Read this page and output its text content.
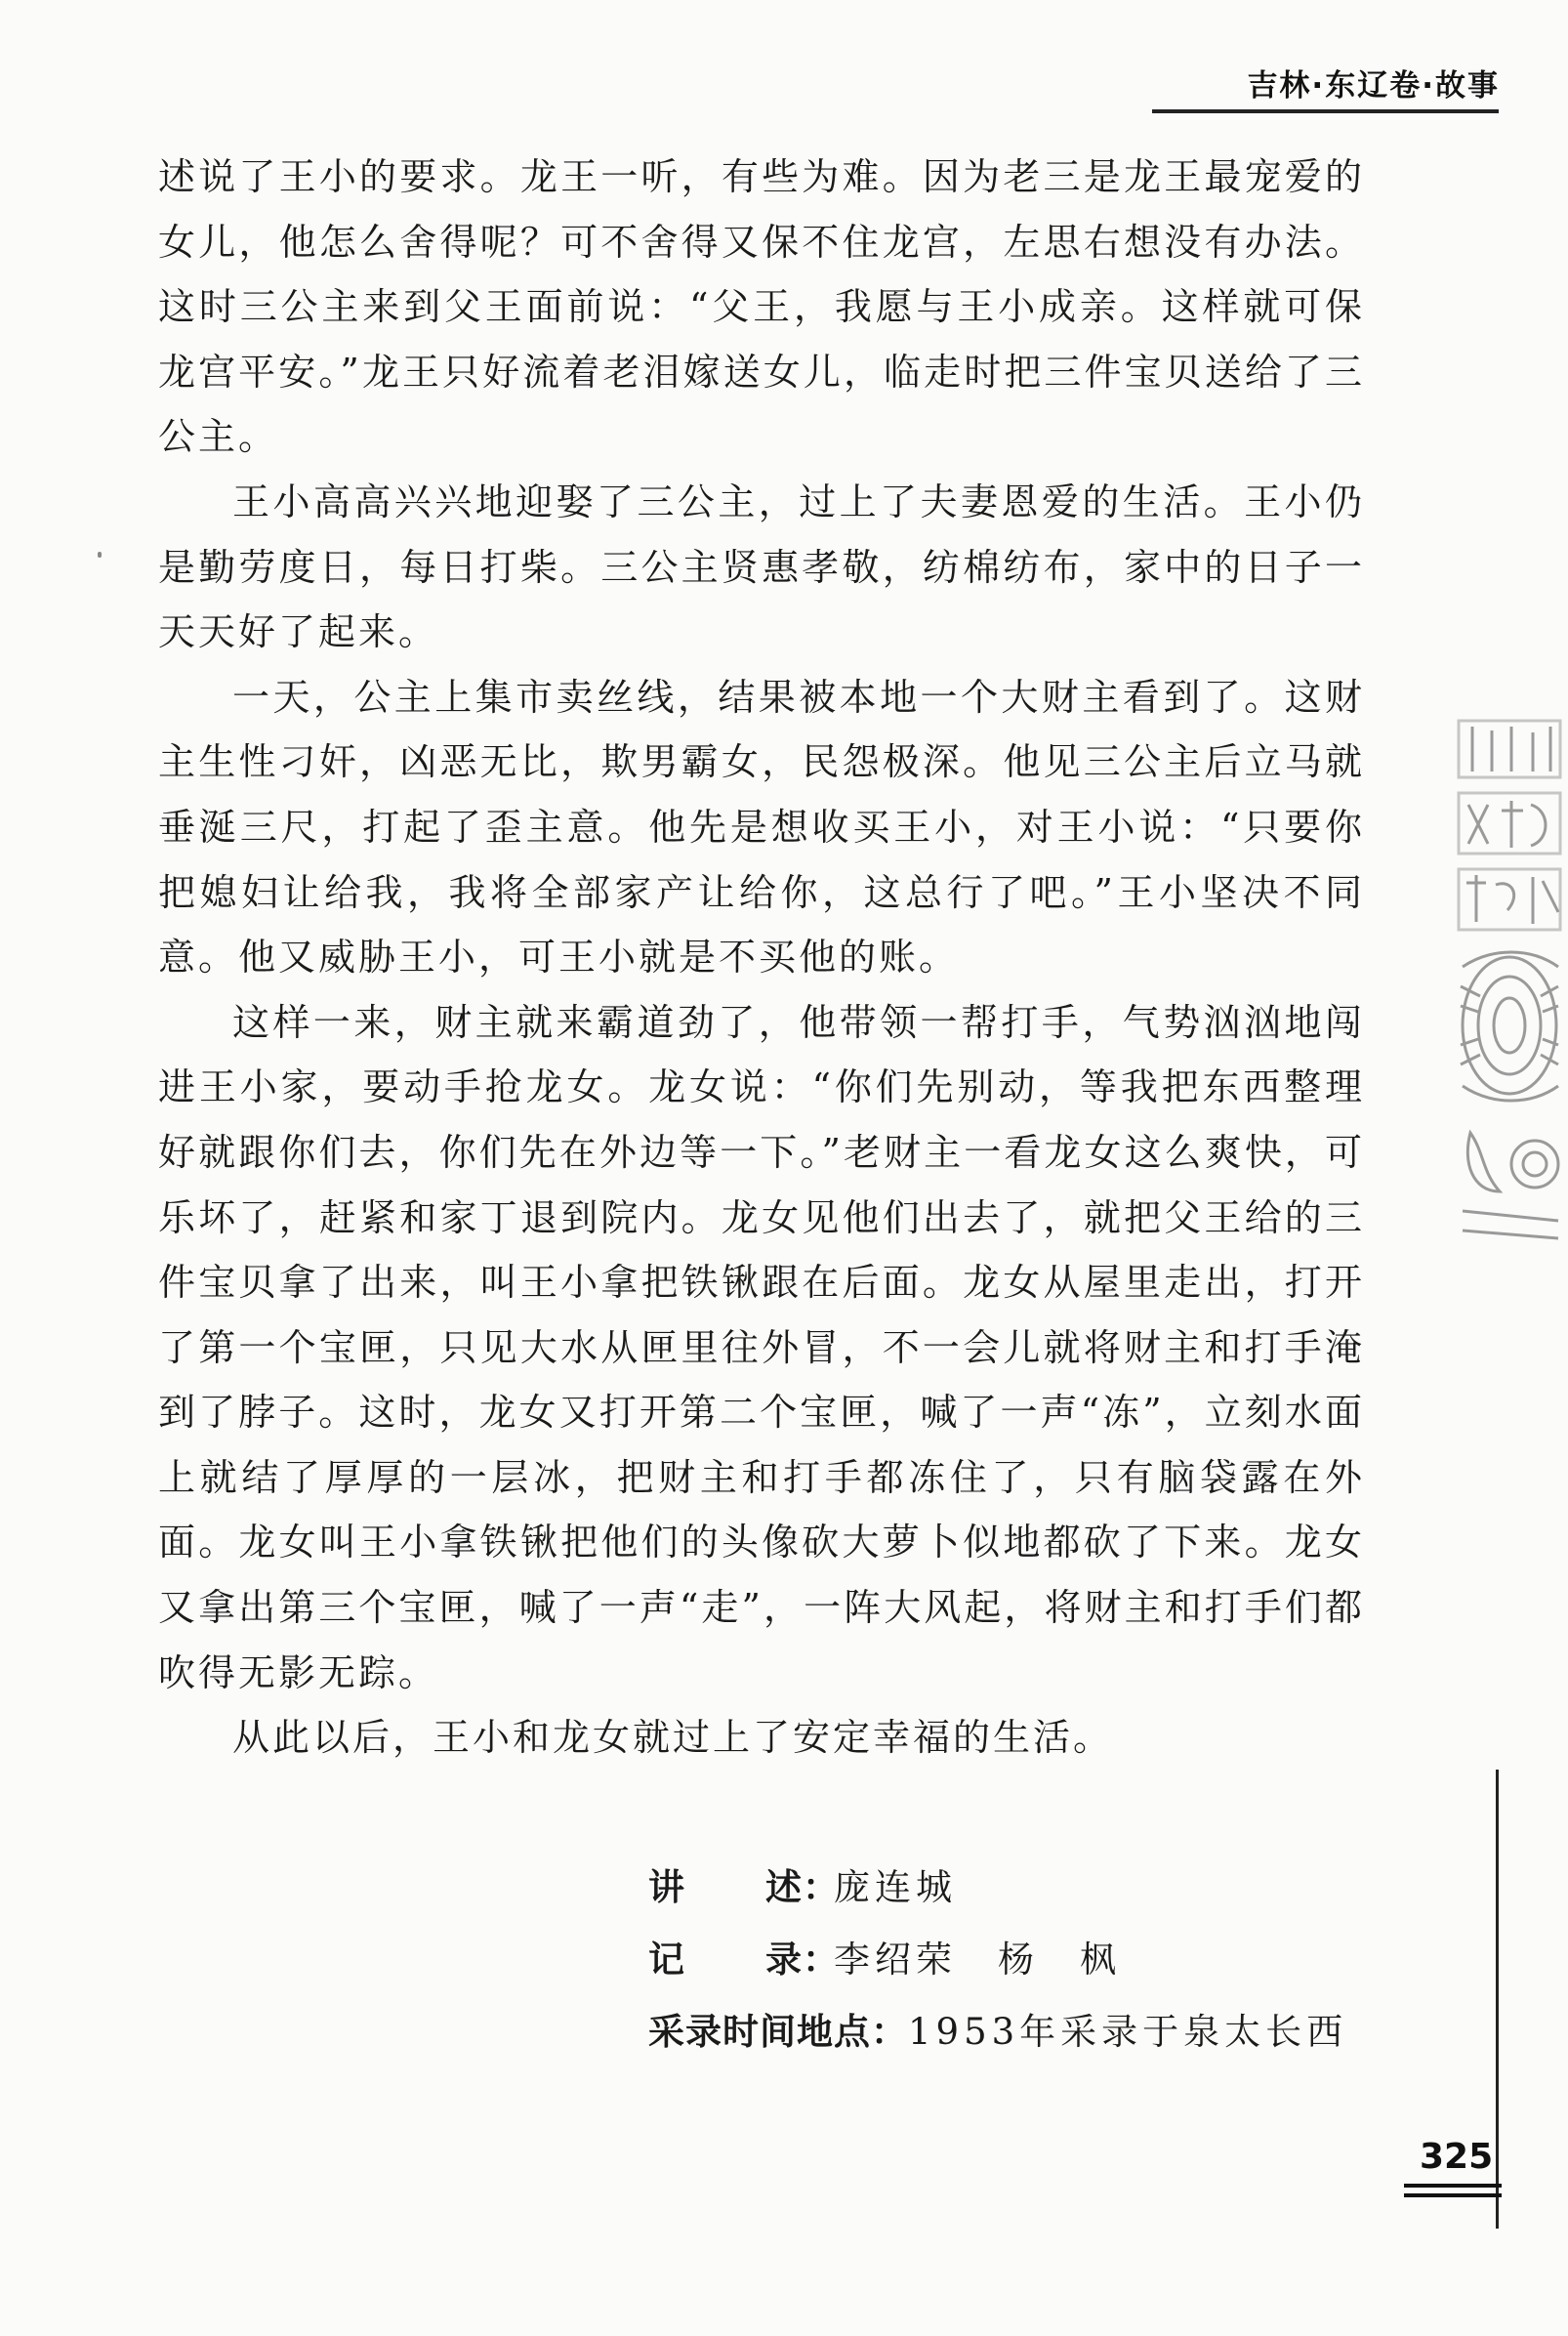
吉林·东辽卷·故事

述说了王小的要求。龙王一听，有些为难。因为老三是龙王最宠爱的女儿，他怎么舍得呢？可不舍得又保不住龙宫，左思右想没有办法。这时三公主来到父王面前说：“父王，我愿与王小成亲。这样就可保龙宫平安。”龙王只好流着老泪嫁送女儿，临走时把三件宝贝送给了三公主。

王小高高兴兴地迎娶了三公主，过上了夫妻恩爱的生活。王小仍是勤劳度日，每日打柴。三公主贤惠孝敬，纺棉纺布，家中的日子一天天好了起来。

一天，公主上集市卖丝线，结果被本地一个大财主看到了。这财主生性刁奸，凶恶无比，欺男霸女，民怨极深。他见三公主后立马就垂涎三尺，打起了歪主意。他先是想收买王小，对王小说：“只要你把媳妇让给我，我将全部家产让给你，这总行了吧。”王小坚决不同意。他又威胁王小，可王小就是不买他的账。

这样一来，财主就来霸道劲了，他带领一帮打手，气势汹汹地闯进王小家，要动手抢龙女。龙女说：“你们先别动，等我把东西整理好就跟你们去，你们先在外边等一下。”老财主一看龙女这么爽快，可乐坏了，赶紧和家丁退到院内。龙女见他们出去了，就把父王给的三件宝贝拿了出来，叫王小拿把铁锹跟在后面。龙女从屋里走出，打开了第一个宝匣，只见大水从匣里往外冒，不一会儿就将财主和打手淹到了脖子。这时，龙女又打开第二个宝匣，喊了一声“冻”，立刻水面上就结了厚厚的一层冰，把财主和打手都冻住了，只有脑袋露在外面。龙女叫王小拿铁锹把他们的头像砍大萝卜似地都砍了下来。龙女又拿出第三个宝匣，喊了一声“走”，一阵大风起，将财主和打手们都吹得无影无踪。

从此以后，王小和龙女就过上了安定幸福的生活。

讲 述：庞连城
记 录：李绍荣　杨　枫
采录时间地点：1953年采录于泉太长西
325
